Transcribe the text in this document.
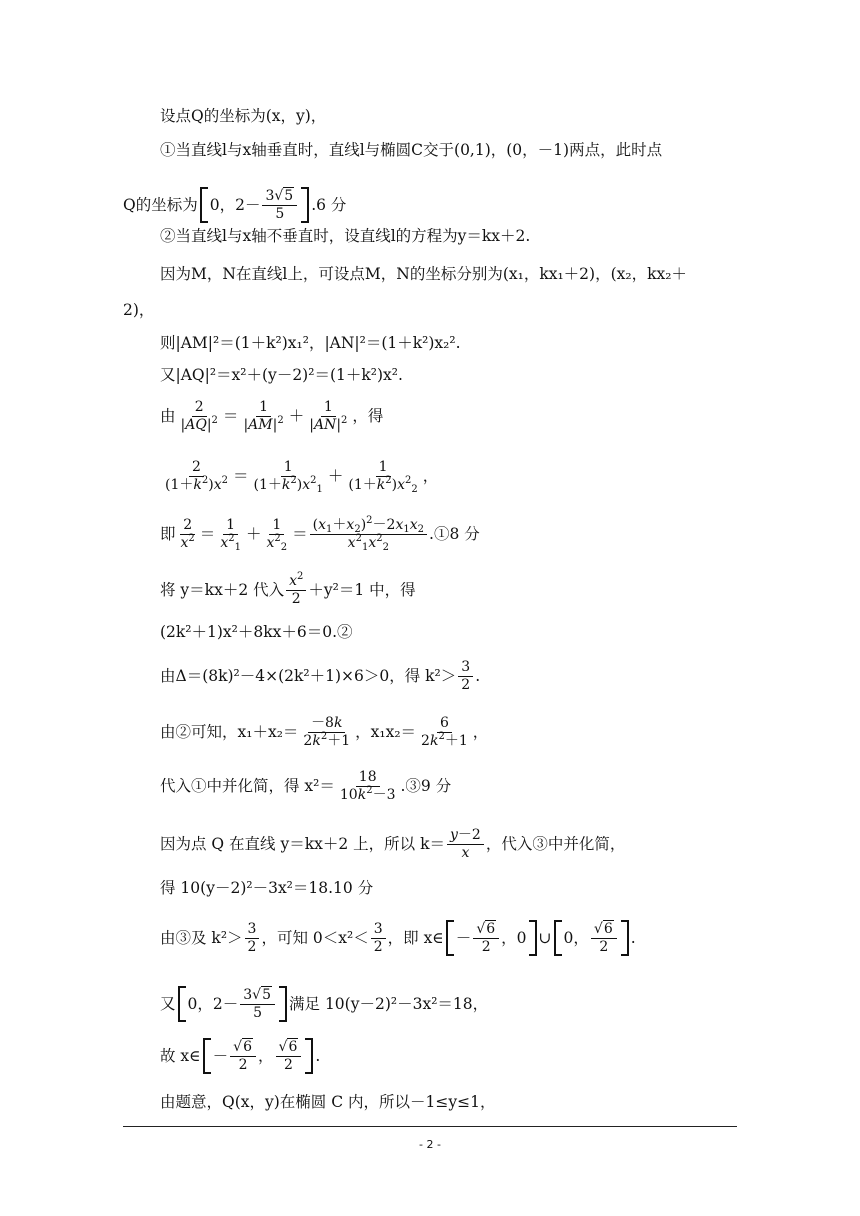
设点Q的坐标为(x，y)，
①当直线l与x轴垂直时，直线l与椭圆C交于(0,1)，(0，－1)两点，此时点
Q的坐标为 0，$2- \frac{3√5}{5} .6$ 分
②当直线l与x轴不垂直时，设直线l的方程为y＝kx＋2.
因为M，N在直线l上，可设点M，N的坐标分别为(x₁，kx₁＋2)，(x₂，kx₂＋
2)，
则|AM|²＝(1＋k²)x₁²，|AN|²＝(1＋k²)x₂².
又|AQ|²＝x²＋(y－2)²＝(1＋k²)x².
由 $\frac{2}{|AQ|^2} = \frac{1}{|AM|^2} + \frac{1}{|AN|^2}$ ，得
$\frac{2}{(1+k^2)x^2} = \frac{1}{(1+k^2)x^2_1} + \frac{1}{(1+k^2)x^2_2}$ ，
即 $\frac{2}{x^2} = \frac{1}{x^2_1} + \frac{1}{x^2_2} = \frac{(x_1+x_2)^2-2x_1x_2}{x^2_1x^2_2}$ .①8 分
将 y＝kx＋2 代入 $\frac{x^2}{2} +y^2=1$ 中，得
(2k²＋1)x²＋8kx＋6＝0.②
由Δ＝(8k)²－4×(2k²＋1)×6＞0，得 $k^2> \frac{3}{2}$ .
由②可知，$x_1+x_2= \frac{-8k}{2k^2+1}$ ，$x_1x_2= \frac{6}{2k^2+1}$ ，
代入①中并化简，得 $x^2= \frac{18}{10k^2-3}$ .③9 分
因为点 Q 在直线 y＝kx＋2 上，所以 $k= \frac{y-2}{x}$ ，代入③中并化简，
得 10(y－2)²－3x²＝18.10 分
由③及 $k^2> \frac{3}{2}$ ，可知 $0<x^2< \frac{3}{2}$ ，即 x∈ － $\frac{√6}{2}$ ，0 ∪ 0， $\frac{√6}{2}$ .
又 0，$2- \frac{3√5}{5}$ 满足 10(y－2)²－3x²＝18，
故 x∈ － $\frac{√6}{2}$ ， $\frac{√6}{2}$ .
由题意，Q(x，y)在椭圆 C 内，所以－1≤y≤1，
- 2 -
